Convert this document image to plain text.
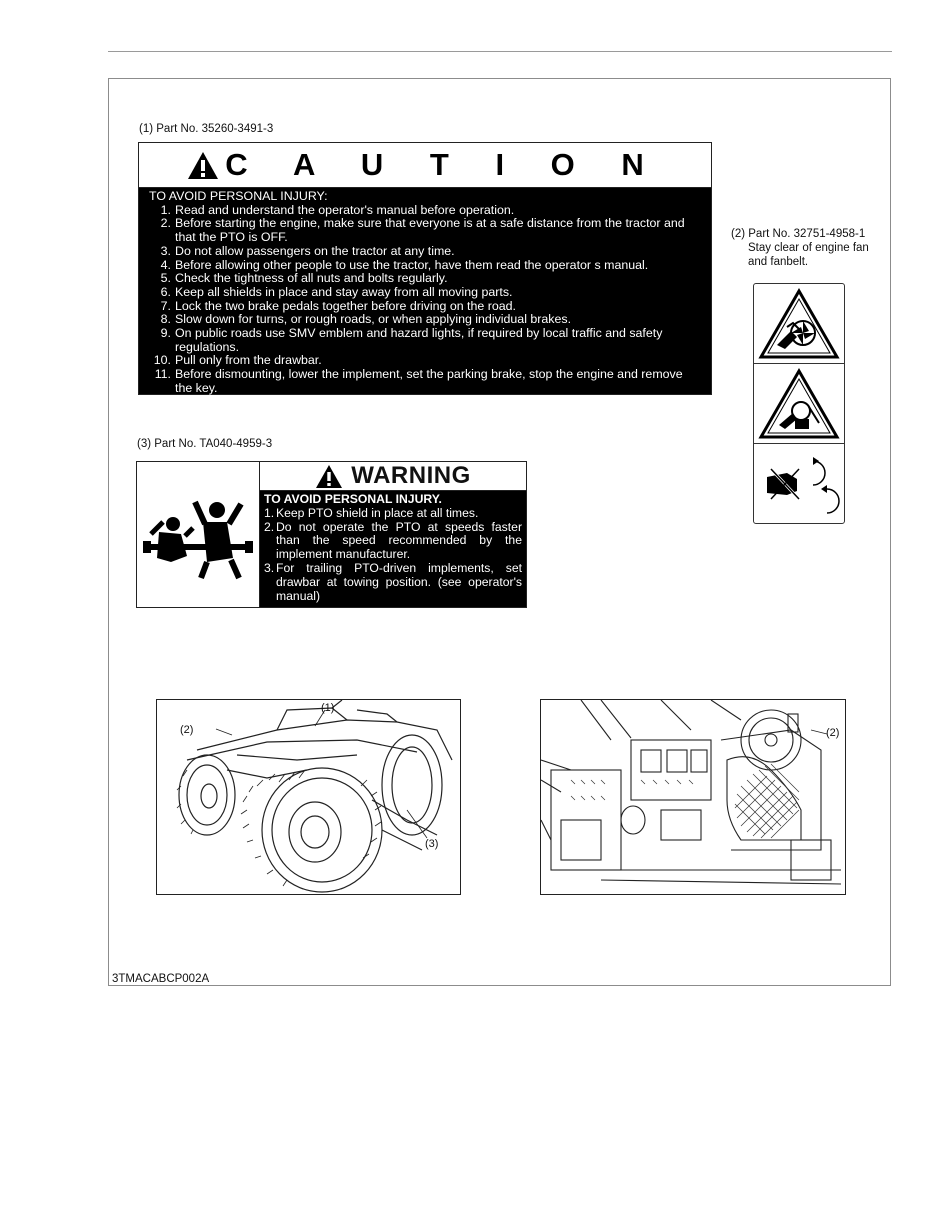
(1) Part No. 35260-3491-3
C A U T I O N
TO AVOID PERSONAL INJURY:
1. Read and understand the operator's manual before operation.
2. Before starting the engine, make sure that everyone is at a safe distance from the tractor and that the PTO is OFF.
3. Do not allow passengers on the tractor at any time.
4. Before allowing other people to use the tractor, have them read the operator s manual.
5. Check the tightness of all nuts and bolts regularly.
6. Keep all shields in place and stay away from all moving parts.
7. Lock the two brake pedals together before driving on the road.
8. Slow down for turns, or rough roads, or when applying individual brakes.
9. On public roads use SMV emblem and hazard lights, if required by local traffic and safety regulations.
10. Pull only from the drawbar.
11. Before dismounting, lower the implement, set the parking brake, stop the engine and remove the key.
(2) Part No. 32751-4958-1
Stay clear of engine fan
and fanbelt.
(3) Part No. TA040-4959-3
WARNING
TO AVOID PERSONAL INJURY.
1. Keep PTO shield in place at all times.
2. Do not operate the PTO at speeds faster than the speed recommended by the implement manufacturer.
3. For trailing PTO-driven implements, set drawbar at towing position. (see operator's manual)
(2)
(1)
(3)
(2)
3TMACABCP002A
